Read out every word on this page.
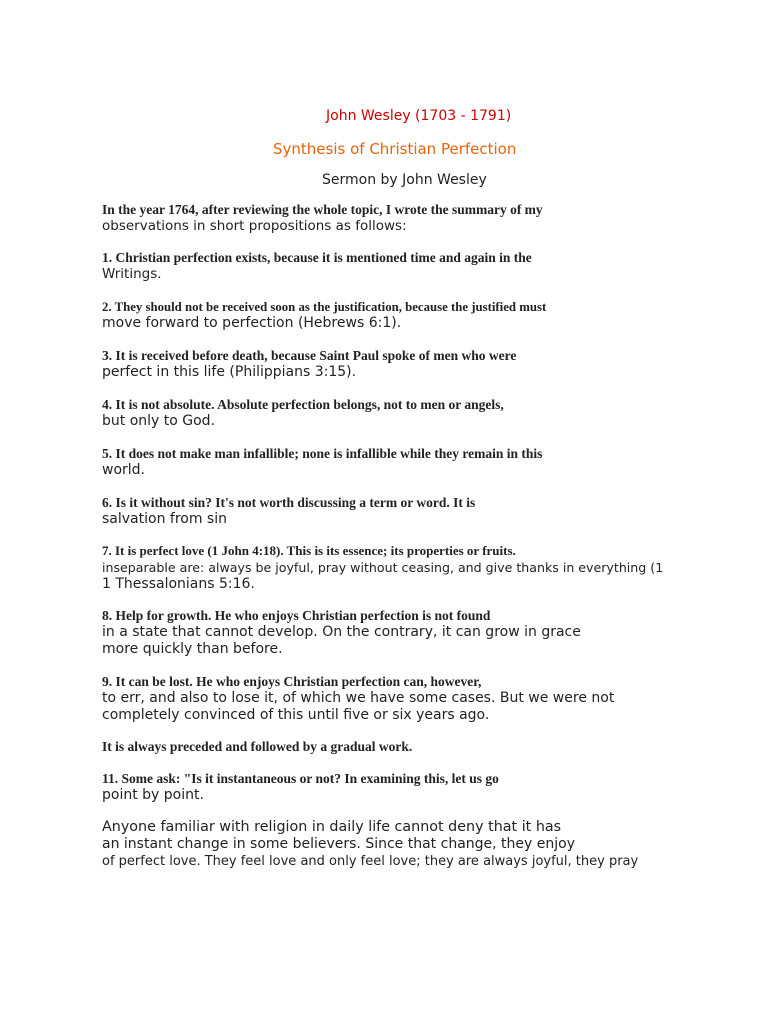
John Wesley (1703 - 1791)
Synthesis of Christian Perfection
Sermon by John Wesley

In the year 1764, after reviewing the whole topic, I wrote the summary of my
observations in short propositions as follows:

1. Christian perfection exists, because it is mentioned time and again in the
Writings.

2. They should not be received soon as the justification, because the justified must
move forward to perfection (Hebrews 6:1).

3. It is received before death, because Saint Paul spoke of men who were
perfect in this life (Philippians 3:15).

4. It is not absolute. Absolute perfection belongs, not to men or angels,
but only to God.

5. It does not make man infallible; none is infallible while they remain in this
world.

6. Is it without sin? It's not worth discussing a term or word. It is
salvation from sin

7. It is perfect love (1 John 4:18). This is its essence; its properties or fruits.
inseparable are: always be joyful, pray without ceasing, and give thanks in everything (1
1 Thessalonians 5:16.

8. Help for growth. He who enjoys Christian perfection is not found
in a state that cannot develop. On the contrary, it can grow in grace
more quickly than before.

9. It can be lost. He who enjoys Christian perfection can, however,
to err, and also to lose it, of which we have some cases. But we were not
completely convinced of this until five or six years ago.

It is always preceded and followed by a gradual work.

11. Some ask: "Is it instantaneous or not? In examining this, let us go
point by point.

Anyone familiar with religion in daily life cannot deny that it has
an instant change in some believers. Since that change, they enjoy
of perfect love. They feel love and only feel love; they are always joyful, they pray
